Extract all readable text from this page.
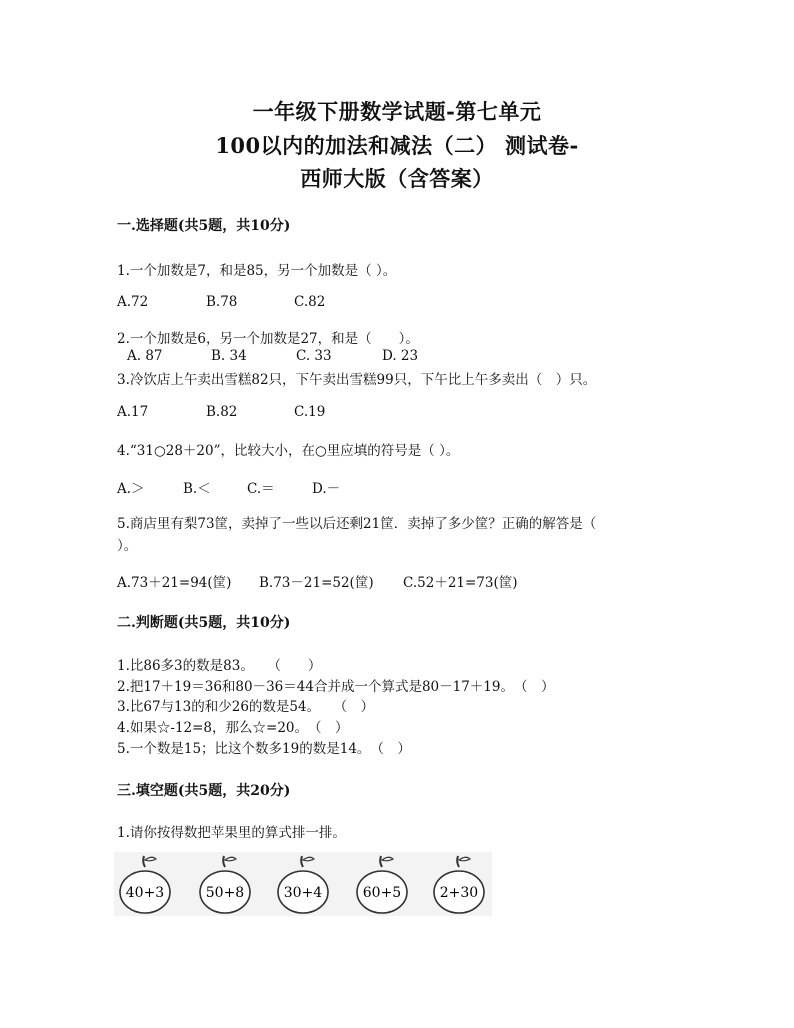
一年级下册数学试题-第七单元
100以内的加法和减法（二） 测试卷-
西师大版（含答案）
一.选择题(共5题，共10分)
1.一个加数是7，和是85，另一个加数是（ ）。
A.72	B.78	C.82
2.一个加数是6，另一个加数是27，和是（　　）。
A. 87	B. 34	C. 33	D. 23
3.冷饮店上午卖出雪糕82只，下午卖出雪糕99只，下午比上午多卖出（　）只。
A.17	B.82	C.19
4.“31○28＋20”，比较大小，在○里应填的符号是（ ）。
A.＞	B.＜	C.＝	D.－
5.商店里有梨73筐，卖掉了一些以后还剩21筐．卖掉了多少筐？正确的解答是（
）。
A.73＋21=94(筐) B.73－21=52(筐) C.52＋21=73(筐)
二.判断题(共5题，共10分)
1.比86多3的数是83。　　（　　）
2.把17＋19＝36和80－36＝44合并成一个算式是80－17＋19。　（　）
3.比67与13的和少26的数是54。　　（　）
4.如果☆-12=8，那么☆=20。　（　）
5.一个数是15；比这个数多19的数是14。　（　）
三.填空题(共5题，共20分)
1.请你按得数把苹果里的算式排一排。
40+3	50+8	30+4	60+5	2+30
